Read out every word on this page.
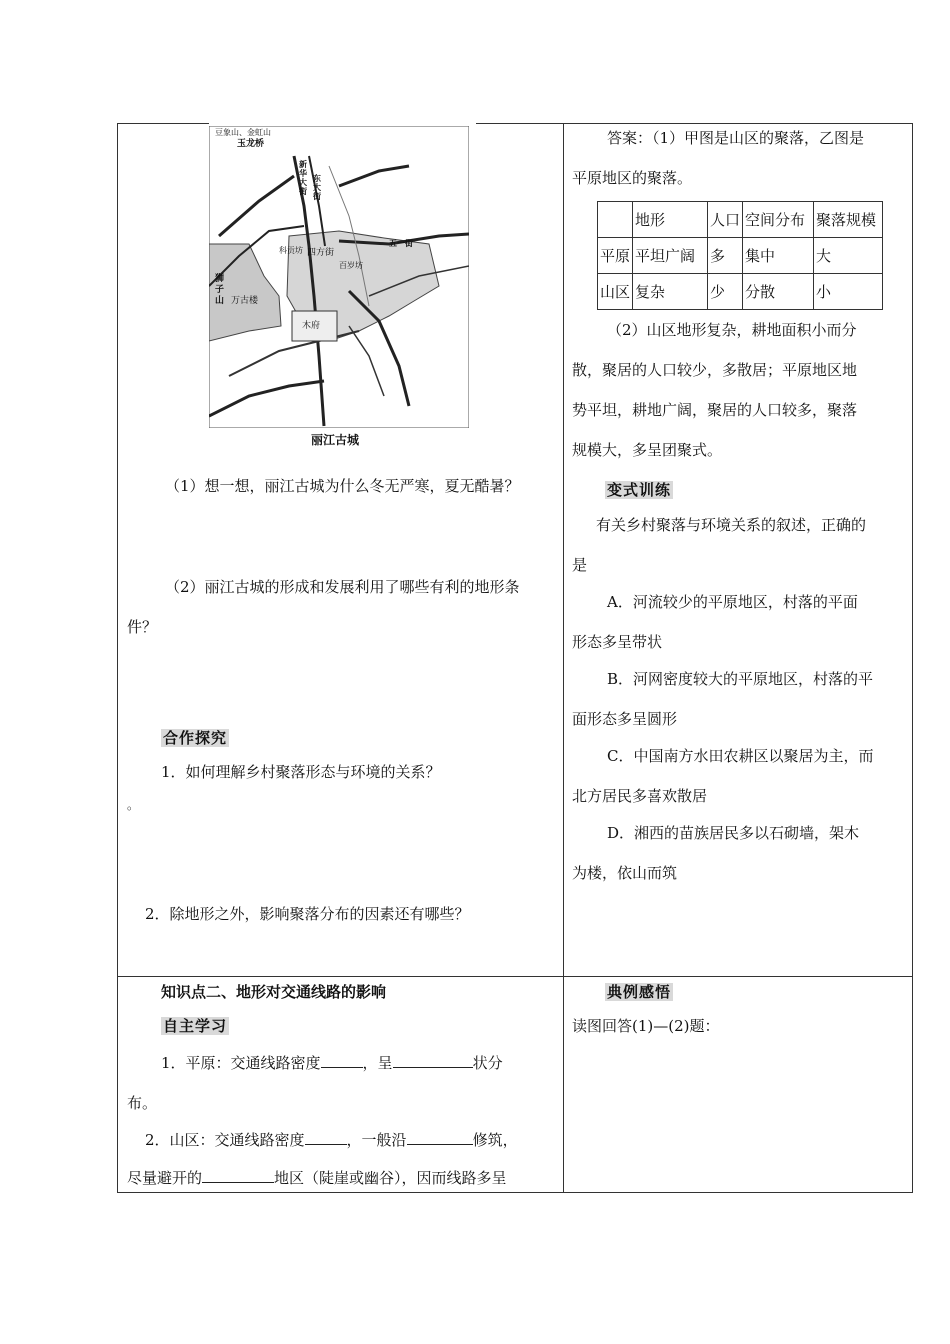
豆象山、金虹山
玉龙桥
科贡坊 四方街
百岁坊
万古楼
木府
狮子山
新华大街
东大街
五一街
丽江古城
（1）想一想，丽江古城为什么冬无严寒，夏无酷暑？
（2）丽江古城的形成和发展利用了哪些有利的地形条
件？
合作探究
1．如何理解乡村聚落形态与环境的关系？
。
2．除地形之外，影响聚落分布的因素还有哪些？
答案：（1）甲图是山区的聚落，乙图是
平原地区的聚落。
	地形	人口	空间分布	聚落规模
平原	平坦广阔	多	集中	大
山区	复杂	少	分散	小
（2）山区地形复杂，耕地面积小而分
散，聚居的人口较少，多散居；平原地区地
势平坦，耕地广阔，聚居的人口较多，聚落
规模大，多呈团聚式。
变式训练
有关乡村聚落与环境关系的叙述，正确的
是
A．河流较少的平原地区，村落的平面
形态多呈带状
B．河网密度较大的平原地区，村落的平
面形态多呈圆形
C．中国南方水田农耕区以聚居为主，而
北方居民多喜欢散居
D．湘西的苗族居民多以石砌墙，架木
为楼，依山而筑
知识点二、地形对交通线路的影响
自主学习
1．平原：交通线路密度	，呈	状分
布。
2．山区：交通线路密度	，一般沿	修筑，
尽量避开的	地区（陡崖或幽谷），因而线路多呈
典例感悟
读图回答(1)—(2)题：
